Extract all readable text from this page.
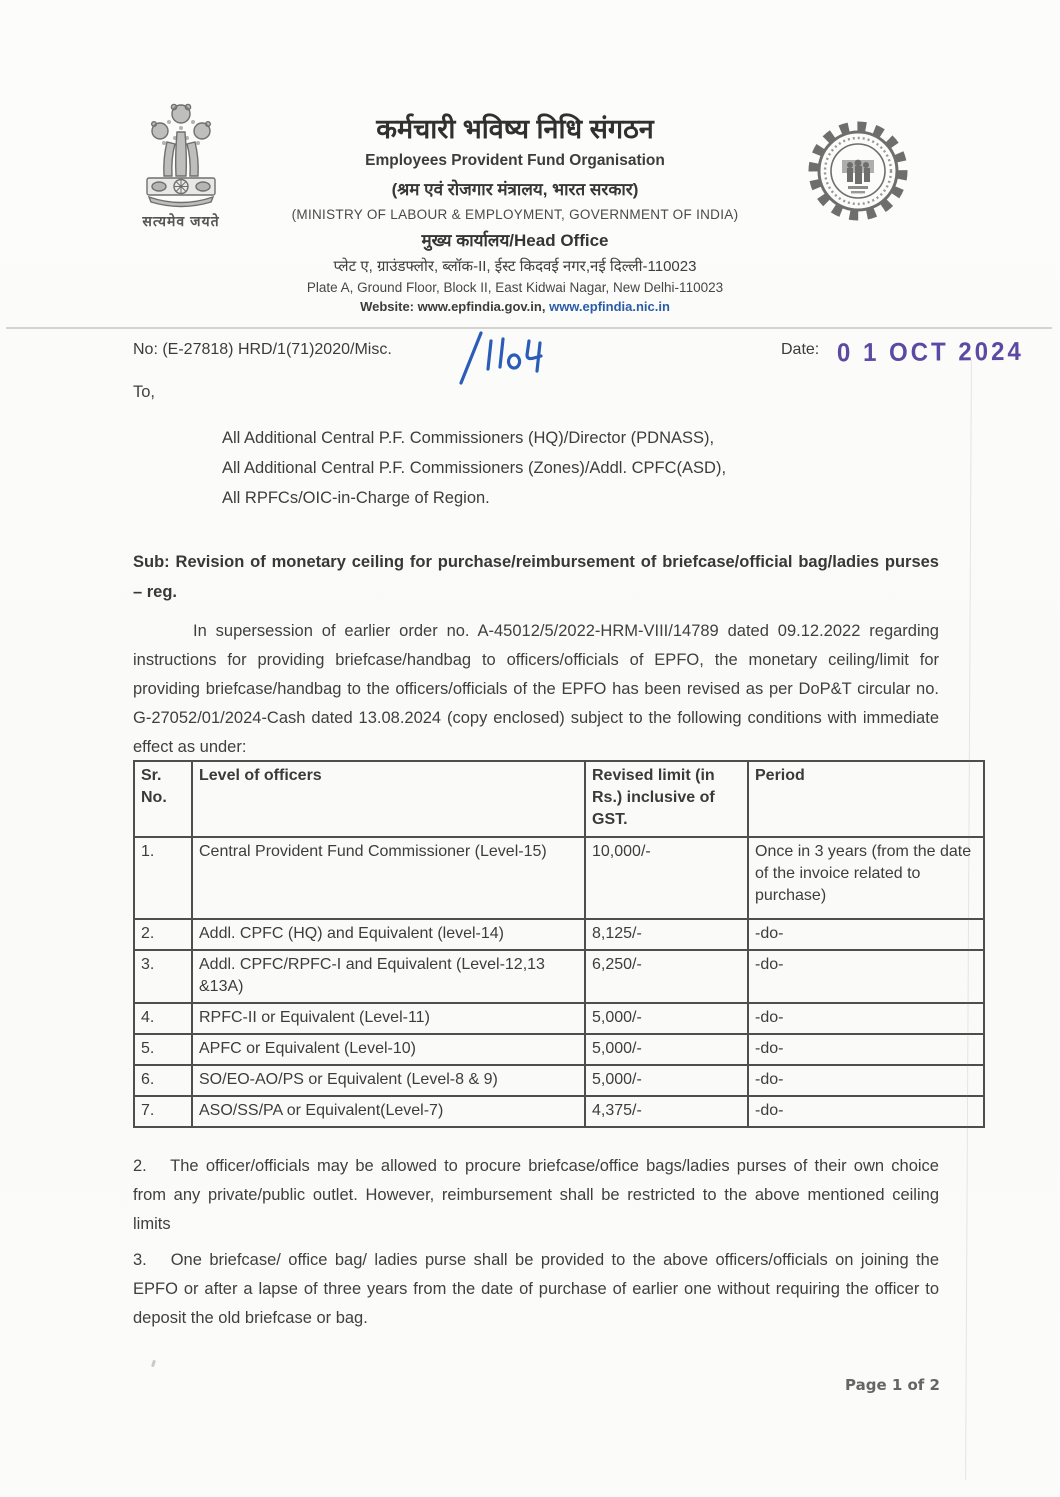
सत्यमेव जयते
कर्मचारी भविष्य निधि संगठन
Employees Provident Fund Organisation
(श्रम एवं रोजगार मंत्रालय, भारत सरकार)
(MINISTRY OF LABOUR & EMPLOYMENT, GOVERNMENT OF INDIA)
मुख्य कार्यालय/Head Office
प्लेट ए, ग्राउंडफ्लोर, ब्लॉक-II, ईस्ट किदवई नगर,नई दिल्ली-110023
Plate A, Ground Floor, Block II, East Kidwai Nagar, New Delhi-110023
Website: www.epfindia.gov.in, www.epfindia.nic.in
No: (E-27818) HRD/1(71)2020/Misc.	Date: 0 1 OCT 2024
To,
All Additional Central P.F. Commissioners (HQ)/Director (PDNASS),
All Additional Central P.F. Commissioners (Zones)/Addl. CPFC(ASD),
All RPFCs/OIC-in-Charge of Region.
Sub: Revision of monetary ceiling for purchase/reimbursement of briefcase/official bag/ladies purses – reg.
In supersession of earlier order no. A-45012/5/2022-HRM-VIII/14789 dated 09.12.2022 regarding instructions for providing briefcase/handbag to officers/officials of EPFO, the monetary ceiling/limit for providing briefcase/handbag to the officers/officials of the EPFO has been revised as per DoP&T circular no. G-27052/01/2024-Cash dated 13.08.2024 (copy enclosed) subject to the following conditions with immediate effect as under:
Sr. No.	Level of officers	Revised limit (in Rs.) inclusive of GST.	Period
1.	Central Provident Fund Commissioner (Level-15)	10,000/-	Once in 3 years (from the date of the invoice related to purchase)
2.	Addl. CPFC (HQ) and Equivalent (level-14)	8,125/-	-do-
3.	Addl. CPFC/RPFC-I and Equivalent (Level-12,13 &13A)	6,250/-	-do-
4.	RPFC-II or Equivalent (Level-11)	5,000/-	-do-
5.	APFC or Equivalent (Level-10)	5,000/-	-do-
6.	SO/EO-AO/PS or Equivalent (Level-8 & 9)	5,000/-	-do-
7.	ASO/SS/PA or Equivalent(Level-7)	4,375/-	-do-
2.  The officer/officials may be allowed to procure briefcase/office bags/ladies purses of their own choice from any private/public outlet. However, reimbursement shall be restricted to the above mentioned ceiling limits
3.  One briefcase/ office bag/ ladies purse shall be provided to the above officers/officials on joining the EPFO or after a lapse of three years from the date of purchase of earlier one without requiring the officer to deposit the old briefcase or bag.
Page 1 of 2
